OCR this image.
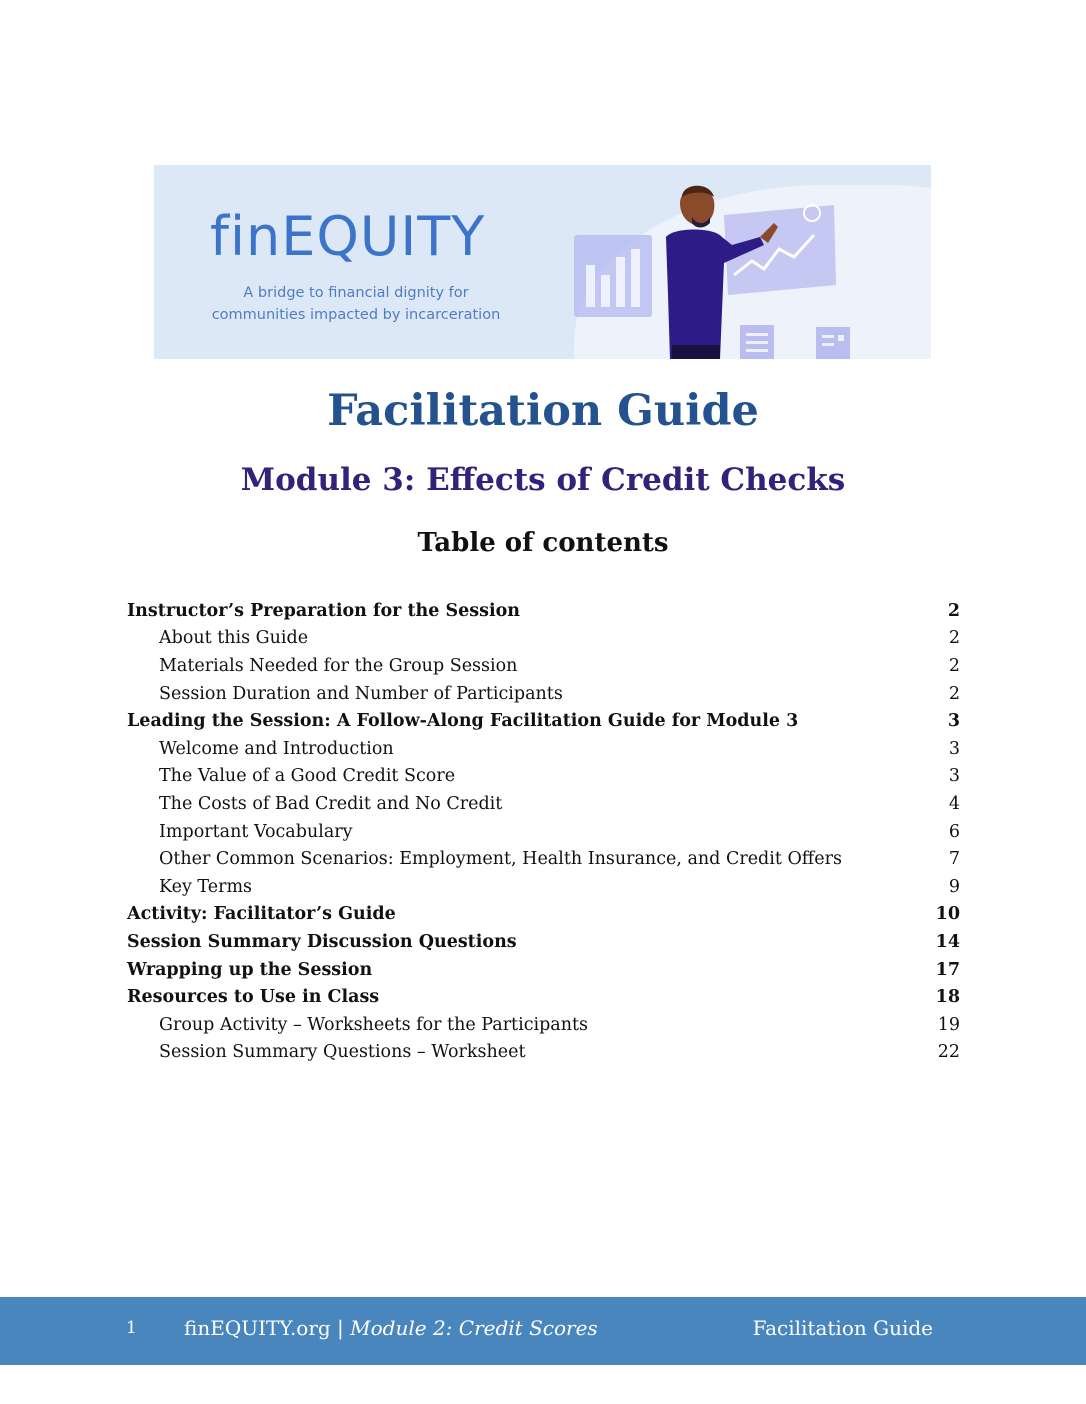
finEQUITY
A bridge to financial dignity for
communities impacted by incarceration
Facilitation Guide
Module 3: Effects of Credit Checks
Table of contents
Instructor’s Preparation for the Session	2
About this Guide	2
Materials Needed for the Group Session	2
Session Duration and Number of Participants	2
Leading the Session: A Follow-Along Facilitation Guide for Module 3	3
Welcome and Introduction	3
The Value of a Good Credit Score	3
The Costs of Bad Credit and No Credit	4
Important Vocabulary	6
Other Common Scenarios: Employment, Health Insurance, and Credit Offers	7
Key Terms	9
Activity: Facilitator’s Guide	10
Session Summary Discussion Questions	14
Wrapping up the Session	17
Resources to Use in Class	18
Group Activity – Worksheets for the Participants	19
Session Summary Questions – Worksheet	22
1 finEQUITY.org | Module 2: Credit Scores	Facilitation Guide
